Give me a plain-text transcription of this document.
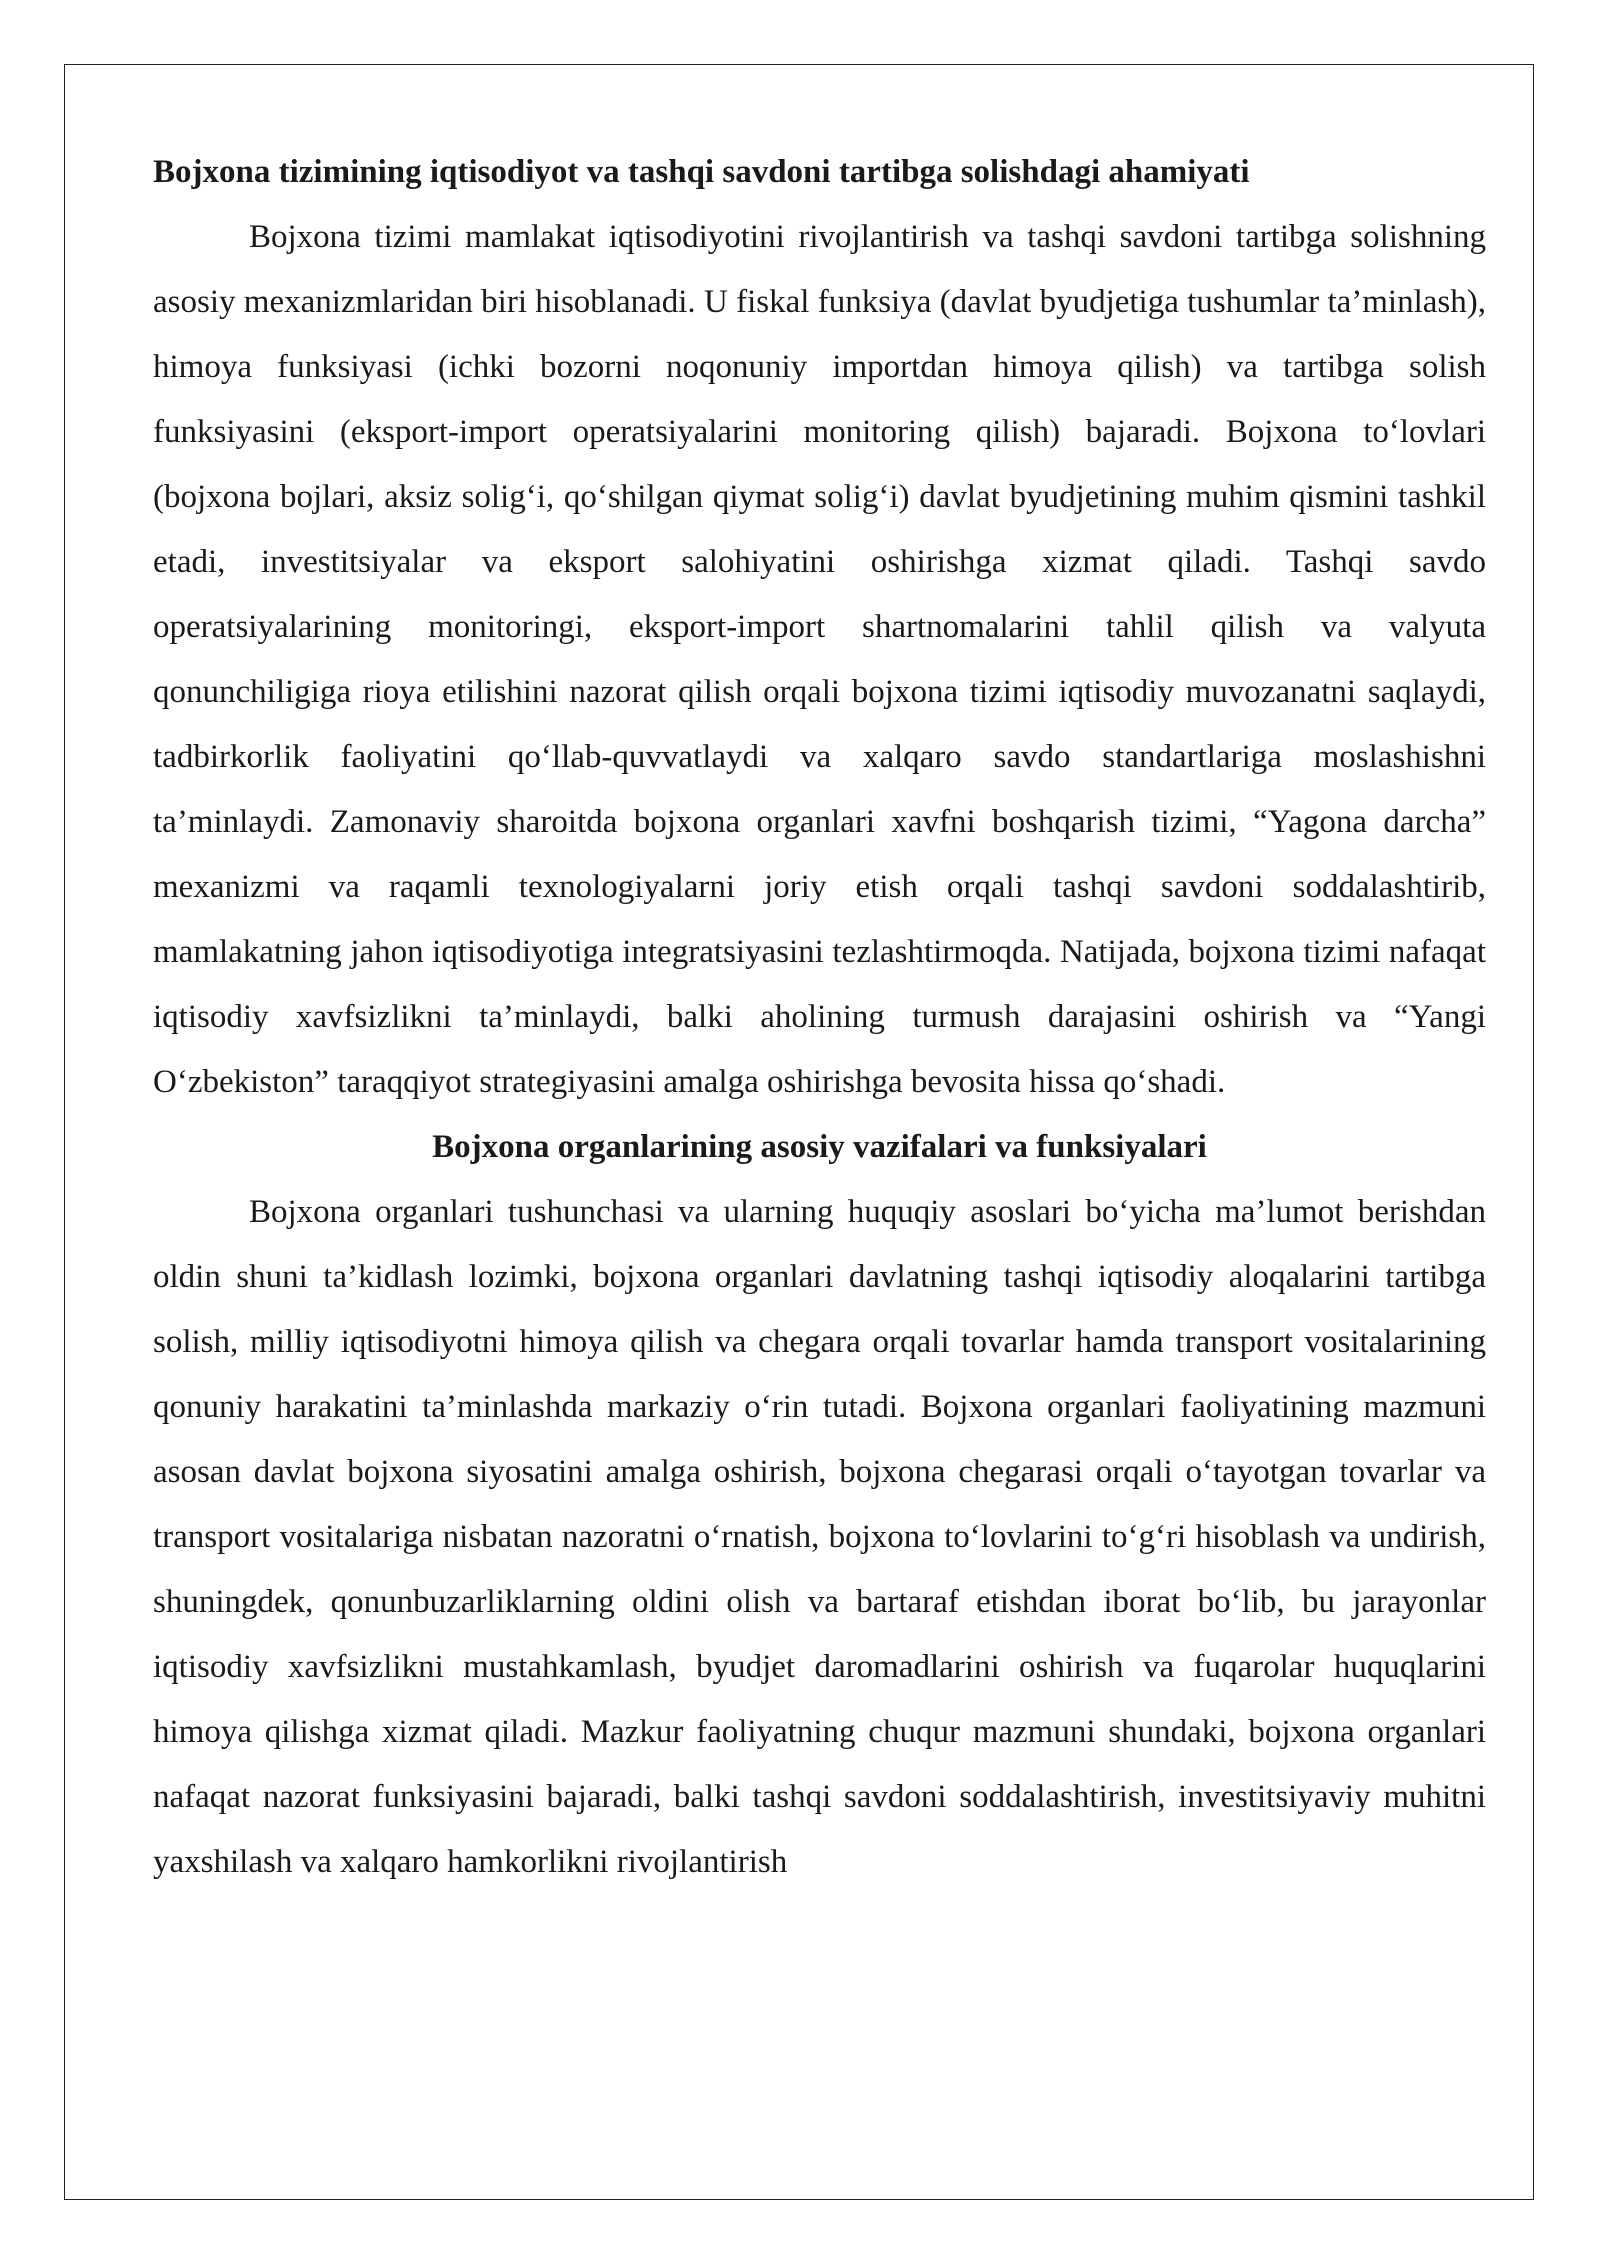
Bojxona tizimining iqtisodiyot va tashqi savdoni tartibga solishdagi ahamiyati

Bojxona tizimi mamlakat iqtisodiyotini rivojlantirish va tashqi savdoni tartibga solishning asosiy mexanizmlaridan biri hisoblanadi. U fiskal funksiya (davlat byudjetiga tushumlar ta’minlash), himoya funksiyasi (ichki bozorni noqonuniy importdan himoya qilish) va tartibga solish funksiyasini (eksport-import operatsiyalarini monitoring qilish) bajaradi. Bojxona toʻlovlari (bojxona bojlari, aksiz soligʻi, qoʻshilgan qiymat soligʻi) davlat byudjetining muhim qismini tashkil etadi, investitsiyalar va eksport salohiyatini oshirishga xizmat qiladi. Tashqi savdo operatsiyalarining monitoringi, eksport-import shartnomalarini tahlil qilish va valyuta qonunchiligiga rioya etilishini nazorat qilish orqali bojxona tizimi iqtisodiy muvozanatni saqlaydi, tadbirkorlik faoliyatini qoʻllab-quvvatlaydi va xalqaro savdo standartlariga moslashishni ta’minlaydi. Zamonaviy sharoitda bojxona organlari xavfni boshqarish tizimi, “Yagona darcha” mexanizmi va raqamli texnologiyalarni joriy etish orqali tashqi savdoni soddalashtirib, mamlakatning jahon iqtisodiyotiga integratsiyasini tezlashtirmoqda. Natijada, bojxona tizimi nafaqat iqtisodiy xavfsizlikni ta’minlaydi, balki aholining turmush darajasini oshirish va “Yangi Oʻzbekiston” taraqqiyot strategiyasini amalga oshirishga bevosita hissa qoʻshadi.

Bojxona organlarining asosiy vazifalari va funksiyalari

Bojxona organlari tushunchasi va ularning huquqiy asoslari boʻyicha ma’lumot berishdan oldin shuni ta’kidlash lozimki, bojxona organlari davlatning tashqi iqtisodiy aloqalarini tartibga solish, milliy iqtisodiyotni himoya qilish va chegara orqali tovarlar hamda transport vositalarining qonuniy harakatini ta’minlashda markaziy oʻrin tutadi. Bojxona organlari faoliyatining mazmuni asosan davlat bojxona siyosatini amalga oshirish, bojxona chegarasi orqali oʻtayotgan tovarlar va transport vositalariga nisbatan nazoratni oʻrnatish, bojxona toʻlovlarini toʻgʻri hisoblash va undirish, shuningdek, qonunbuzarliklarning oldini olish va bartaraf etishdan iborat boʻlib, bu jarayonlar iqtisodiy xavfsizlikni mustahkamlash, byudjet daromadlarini oshirish va fuqarolar huquqlarini himoya qilishga xizmat qiladi. Mazkur faoliyatning chuqur mazmuni shundaki, bojxona organlari nafaqat nazorat funksiyasini bajaradi, balki tashqi savdoni soddalashtirish, investitsiyaviy muhitni yaxshilash va xalqaro hamkorlikni rivojlantirish
